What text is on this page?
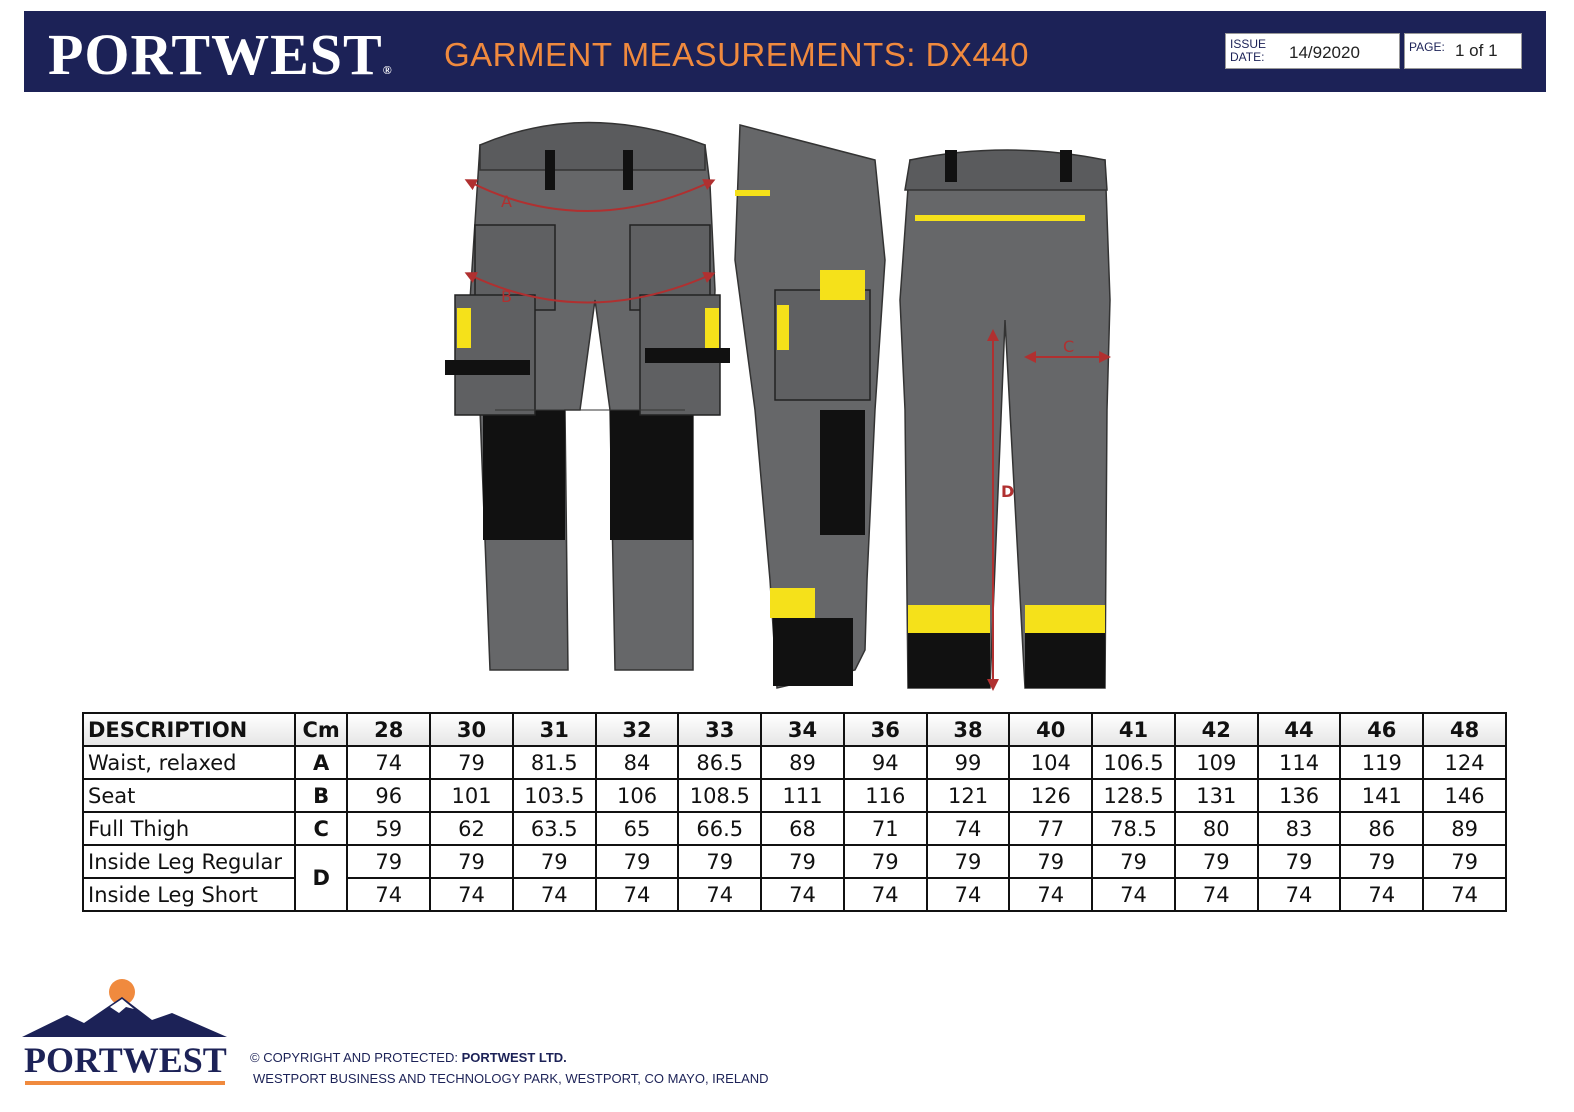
PORTWEST® GARMENT MEASUREMENTS: DX440	ISSUE
DATE:	14/92020	PAGE: 1 of 1
A
B
C
D
DESCRIPTION	Cm	28	30	31	32	33	34	36	38	40	41	42	44	46	48
Waist, relaxed	A	74	79	81.5	84	86.5	89	94	99	104	106.5	109	114	119	124
Seat	B	96	101	103.5	106	108.5	111	116	121	126	128.5	131	136	141	146
Full Thigh	C	59	62	63.5	65	66.5	68	71	74	77	78.5	80	83	86	89
Inside Leg Regular	D	79	79	79	79	79	79	79	79	79	79	79	79	79	79
Inside Leg Short		74	74	74	74	74	74	74	74	74	74	74	74	74	74
PORTWEST © COPYRIGHT AND PROTECTED: PORTWEST LTD.
WESTPORT BUSINESS AND TECHNOLOGY PARK, WESTPORT, CO MAYO, IRELAND
